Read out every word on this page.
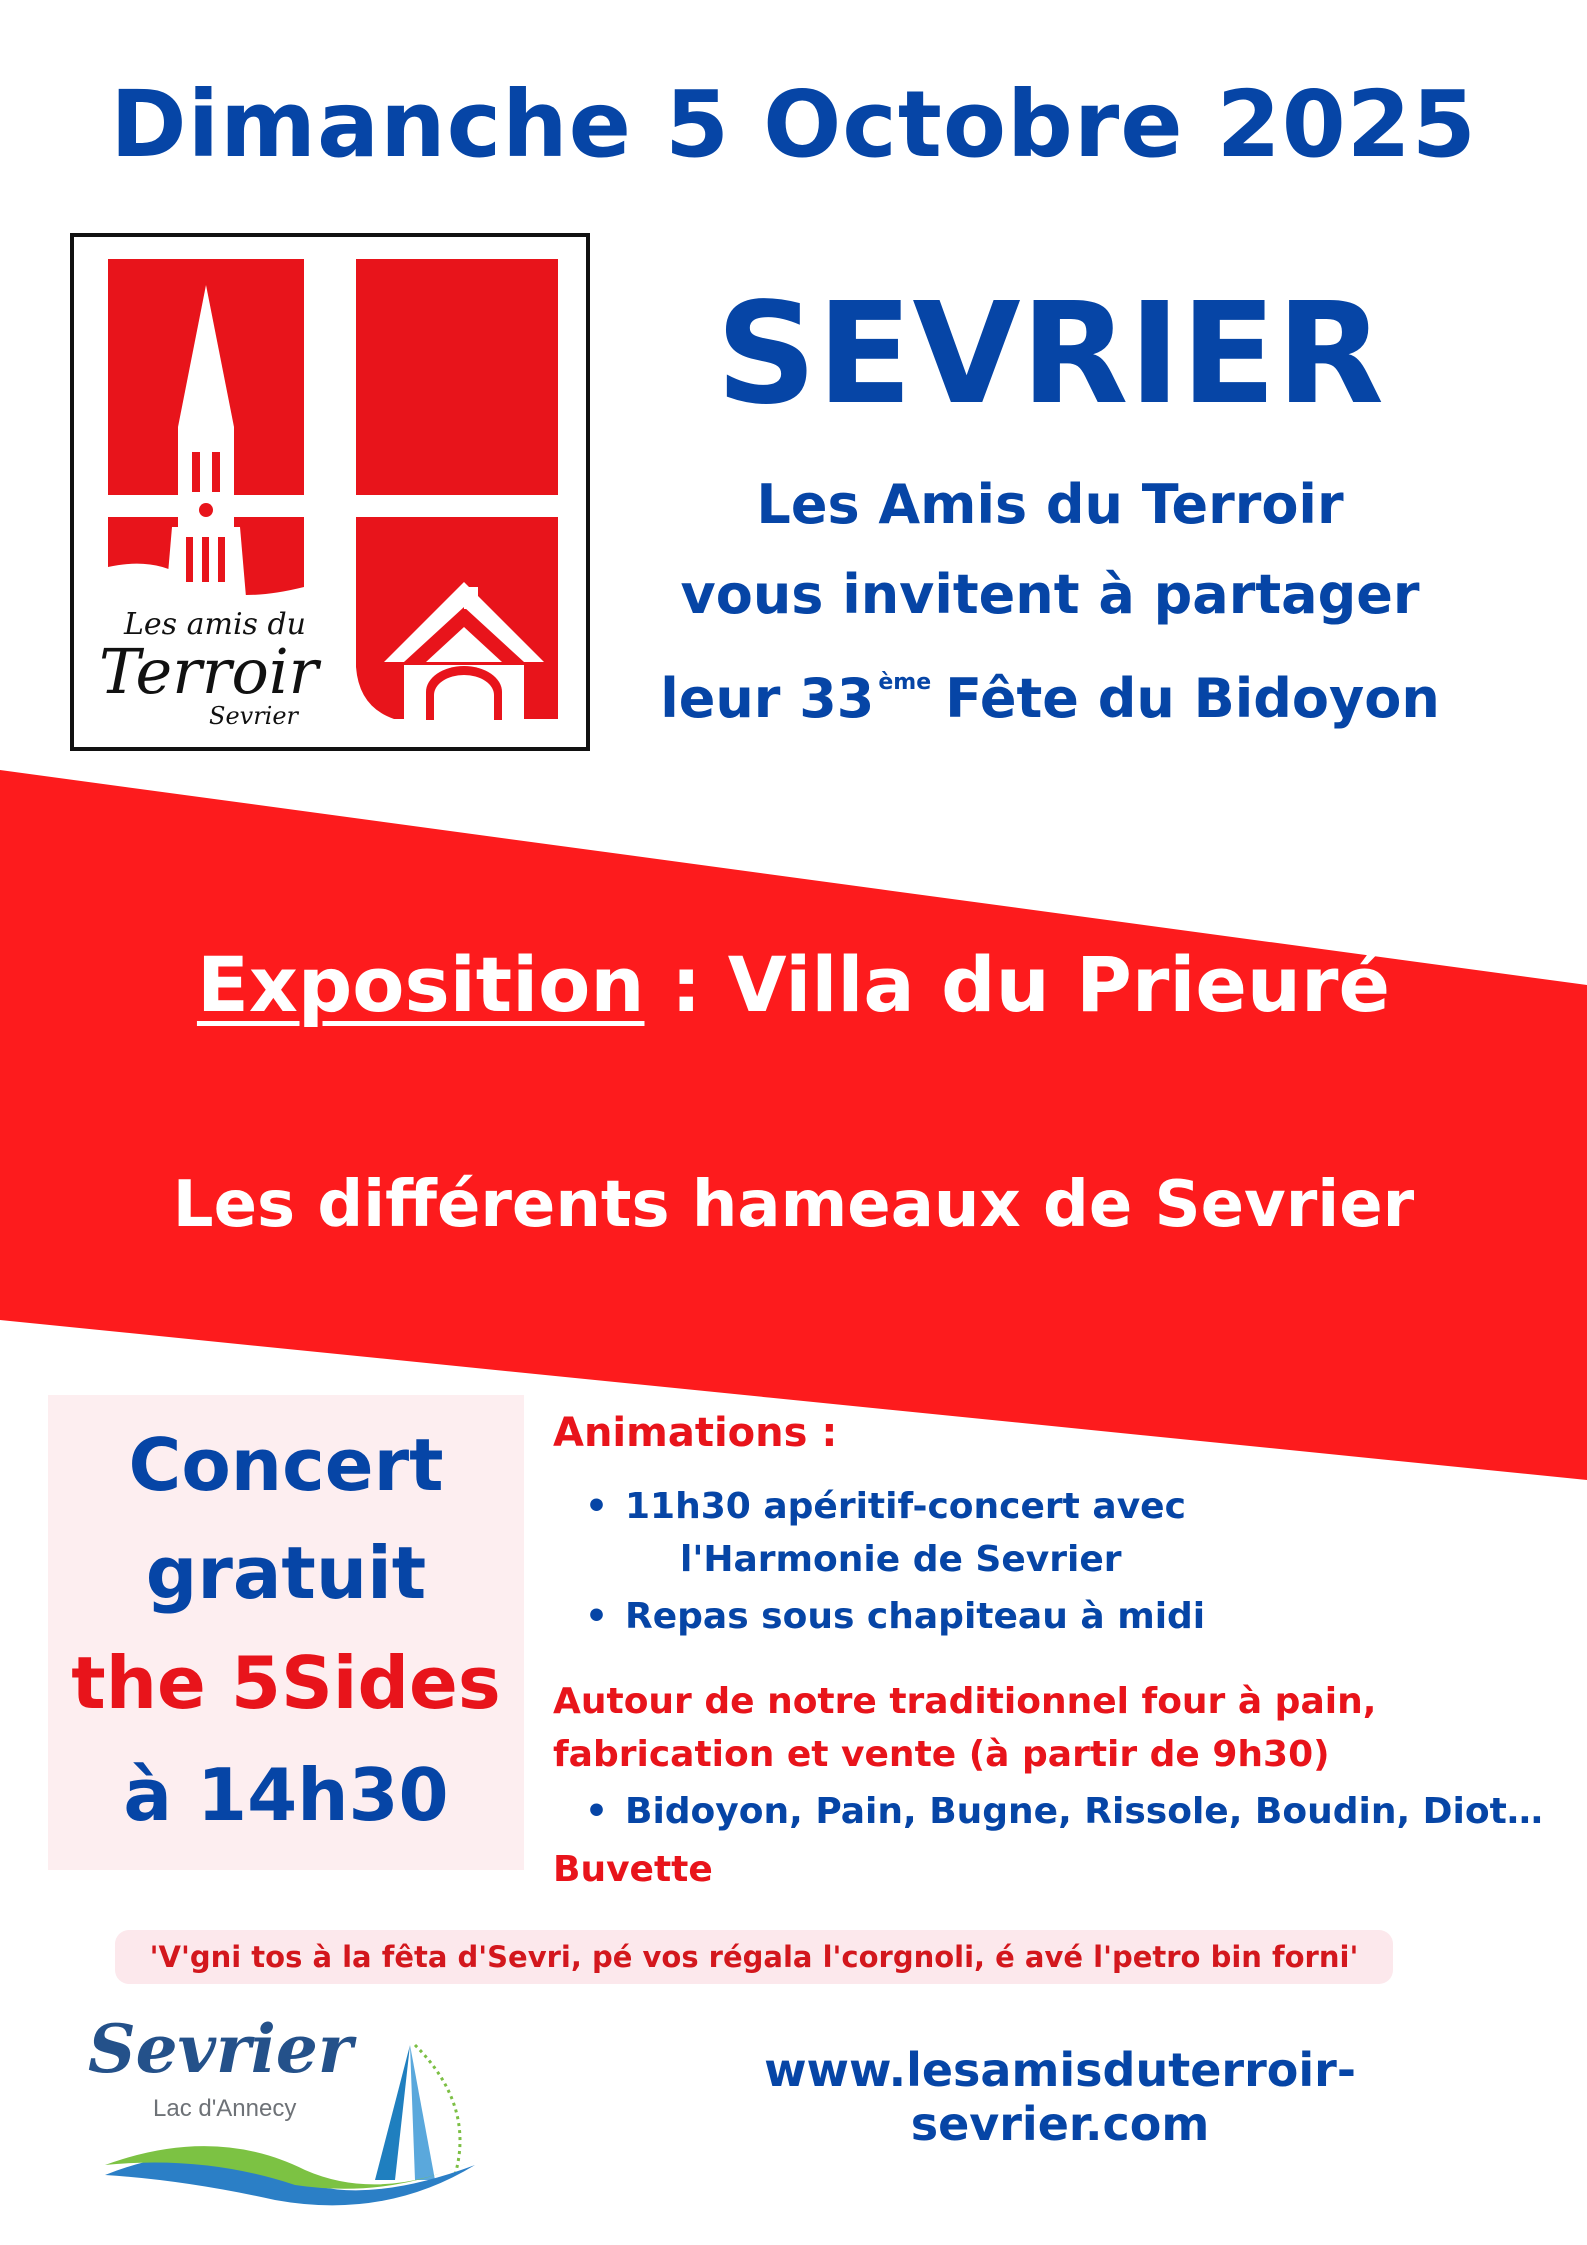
Dimanche 5 Octobre 2025
Les amis du
Terroir
Sevrier
SEVRIER
Les Amis du Terroir
vous invitent à partager
leur 33 $^{ème}$ Fête du Bidoyon
Exposition : Villa du Prieuré
Les différents hameaux de Sevrier
Concert
gratuit
the 5Sides
à 14h30
Animations :
• 11h30 apéritif-concert avec
l'Harmonie de Sevrier
• Repas sous chapiteau à midi
Autour de notre traditionnel four à pain,
fabrication et vente (à partir de 9h30)
• Bidoyon, Pain, Bugne, Rissole, Boudin, Diot…
Buvette
'V'gni tos à la fêta d'Sevri, pé vos régala l'corgnoli, é avé l'petro bin forni'
Sevrier
Lac d'Annecy
www.lesamisduterroir-sevrier.com
